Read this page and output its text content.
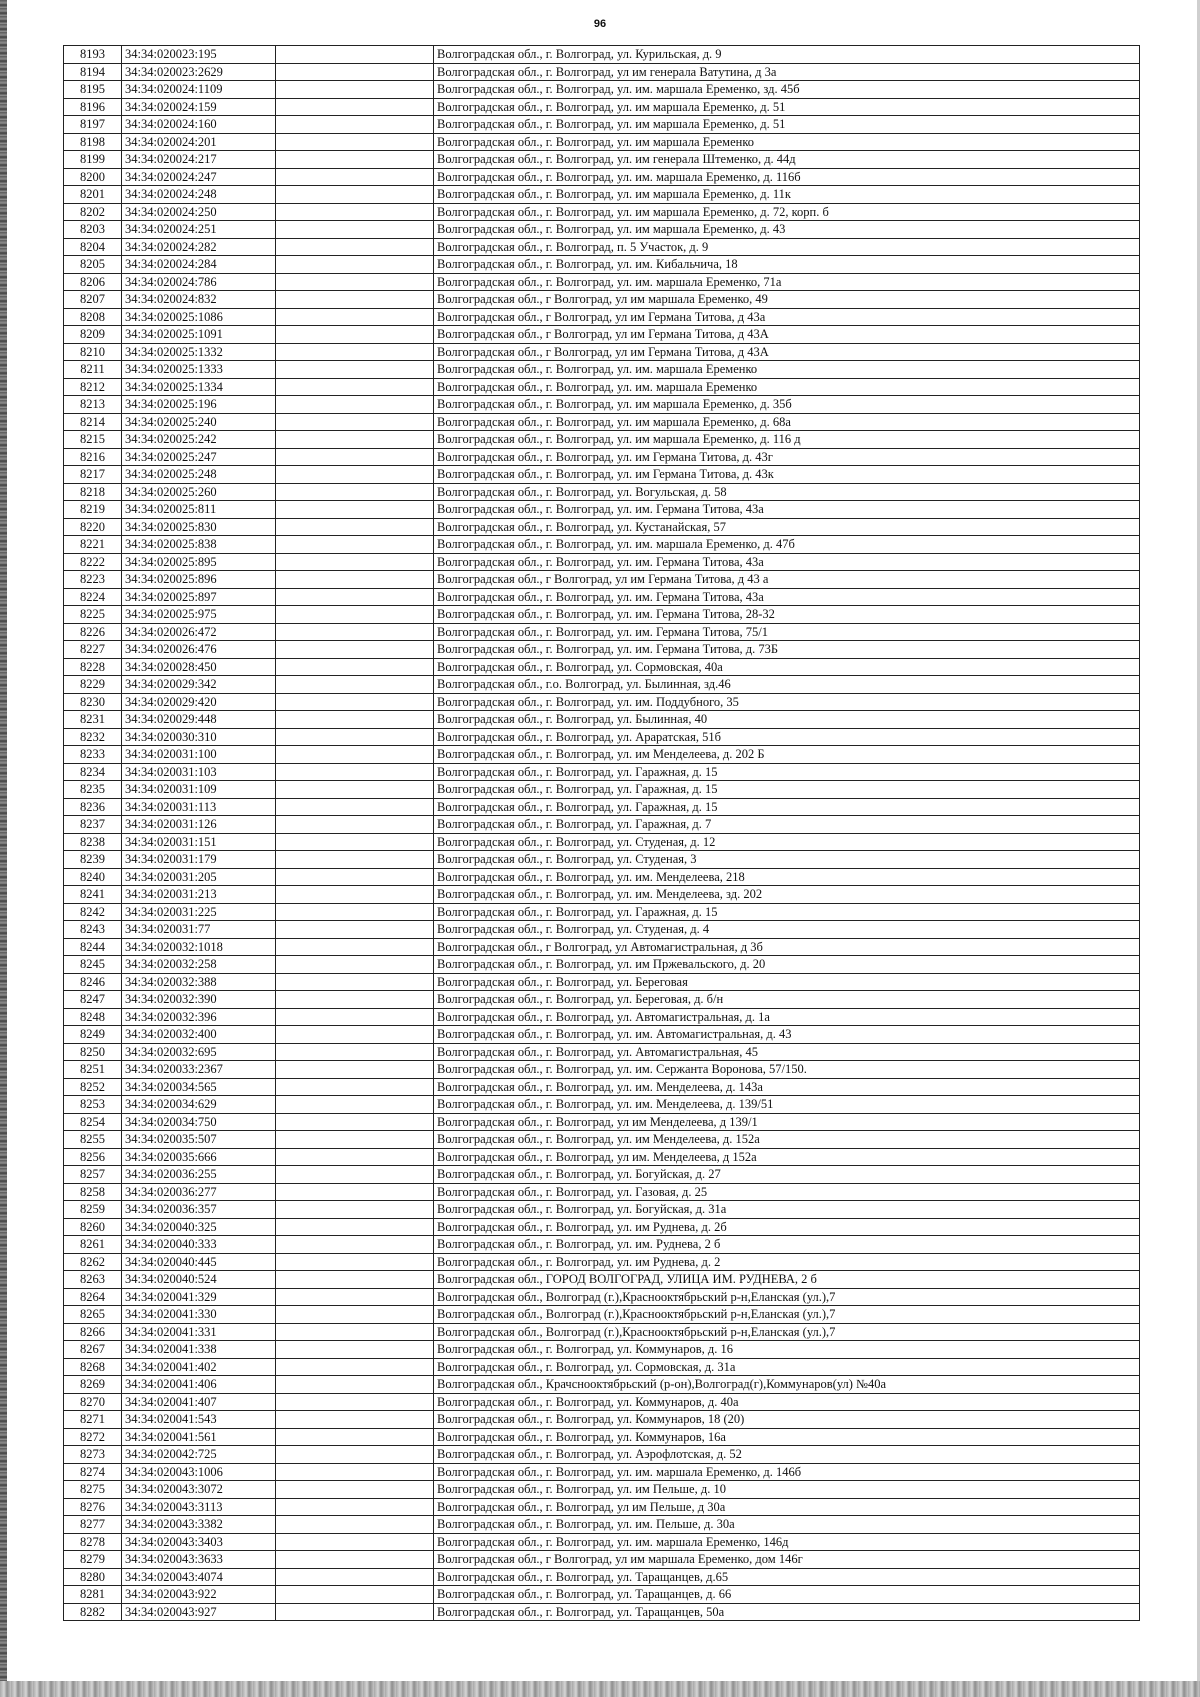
96
8193	34:34:020023:195		Волгоградская обл., г. Волгоград, ул. Курильская, д. 9
8194	34:34:020023:2629		Волгоградская обл., г. Волгоград, ул им генерала Ватутина, д 3а
8195	34:34:020024:1109		Волгоградская обл., г. Волгоград, ул. им. маршала Еременко, зд. 45б
8196	34:34:020024:159		Волгоградская обл., г. Волгоград, ул. им маршала Еременко, д. 51
8197	34:34:020024:160		Волгоградская обл., г. Волгоград, ул. им маршала Еременко, д. 51
8198	34:34:020024:201		Волгоградская обл., г. Волгоград, ул. им маршала Еременко
8199	34:34:020024:217		Волгоградская обл., г. Волгоград, ул. им генерала Штеменко, д. 44д
8200	34:34:020024:247		Волгоградская обл., г. Волгоград, ул. им. маршала Еременко, д. 116б
8201	34:34:020024:248		Волгоградская обл., г. Волгоград, ул. им маршала Еременко, д. 11к
8202	34:34:020024:250		Волгоградская обл., г. Волгоград, ул. им маршала Еременко, д. 72, корп. б
8203	34:34:020024:251		Волгоградская обл., г. Волгоград, ул. им маршала Еременко, д. 43
8204	34:34:020024:282		Волгоградская обл., г. Волгоград, п. 5 Участок, д. 9
8205	34:34:020024:284		Волгоградская обл., г. Волгоград, ул. им. Кибальчича, 18
8206	34:34:020024:786		Волгоградская обл., г. Волгоград, ул. им. маршала Еременко, 71а
8207	34:34:020024:832		Волгоградская обл., г Волгоград, ул им маршала Еременко, 49
8208	34:34:020025:1086		Волгоградская обл., г Волгоград, ул им Германа Титова, д 43а
8209	34:34:020025:1091		Волгоградская обл., г Волгоград, ул им Германа Титова, д 43А
8210	34:34:020025:1332		Волгоградская обл., г Волгоград, ул им Германа Титова, д 43А
8211	34:34:020025:1333		Волгоградская обл., г. Волгоград, ул. им. маршала Еременко
8212	34:34:020025:1334		Волгоградская обл., г. Волгоград, ул. им. маршала Еременко
8213	34:34:020025:196		Волгоградская обл., г. Волгоград, ул. им маршала Еременко, д. 35б
8214	34:34:020025:240		Волгоградская обл., г. Волгоград, ул. им маршала Еременко, д. 68а
8215	34:34:020025:242		Волгоградская обл., г. Волгоград, ул. им маршала Еременко, д. 116 д
8216	34:34:020025:247		Волгоградская обл., г. Волгоград, ул. им Германа Титова, д. 43г
8217	34:34:020025:248		Волгоградская обл., г. Волгоград, ул. им Германа Титова, д. 43к
8218	34:34:020025:260		Волгоградская обл., г. Волгоград, ул. Вогульская, д. 58
8219	34:34:020025:811		Волгоградская обл., г. Волгоград, ул. им. Германа Титова, 43а
8220	34:34:020025:830		Волгоградская обл., г. Волгоград, ул. Кустанайская, 57
8221	34:34:020025:838		Волгоградская обл., г. Волгоград, ул. им. маршала Еременко, д. 47б
8222	34:34:020025:895		Волгоградская обл., г. Волгоград, ул. им. Германа Титова, 43а
8223	34:34:020025:896		Волгоградская обл., г Волгоград, ул им Германа Титова, д 43 а
8224	34:34:020025:897		Волгоградская обл., г. Волгоград, ул. им. Германа Титова, 43а
8225	34:34:020025:975		Волгоградская обл., г. Волгоград, ул. им. Германа Титова, 28-32
8226	34:34:020026:472		Волгоградская обл., г. Волгоград, ул. им. Германа Титова, 75/1
8227	34:34:020026:476		Волгоградская обл., г. Волгоград, ул. им. Германа Титова, д. 73Б
8228	34:34:020028:450		Волгоградская обл., г. Волгоград, ул. Сормовская, 40а
8229	34:34:020029:342		Волгоградская обл., г.о. Волгоград, ул. Былинная, зд.46
8230	34:34:020029:420		Волгоградская обл., г. Волгоград, ул. им. Поддубного, 35
8231	34:34:020029:448		Волгоградская обл., г. Волгоград, ул. Былинная, 40
8232	34:34:020030:310		Волгоградская обл., г. Волгоград, ул. Араратская, 51б
8233	34:34:020031:100		Волгоградская обл., г. Волгоград, ул. им Менделеева, д. 202 Б
8234	34:34:020031:103		Волгоградская обл., г. Волгоград, ул. Гаражная, д. 15
8235	34:34:020031:109		Волгоградская обл., г. Волгоград, ул. Гаражная, д. 15
8236	34:34:020031:113		Волгоградская обл., г. Волгоград, ул. Гаражная, д. 15
8237	34:34:020031:126		Волгоградская обл., г. Волгоград, ул. Гаражная, д. 7
8238	34:34:020031:151		Волгоградская обл., г. Волгоград, ул. Студеная, д. 12
8239	34:34:020031:179		Волгоградская обл., г. Волгоград, ул. Студеная, 3
8240	34:34:020031:205		Волгоградская обл., г. Волгоград, ул. им. Менделеева, 218
8241	34:34:020031:213		Волгоградская обл., г. Волгоград, ул. им. Менделеева, зд. 202
8242	34:34:020031:225		Волгоградская обл., г. Волгоград, ул. Гаражная, д. 15
8243	34:34:020031:77		Волгоградская обл., г. Волгоград, ул. Студеная, д. 4
8244	34:34:020032:1018		Волгоградская обл., г Волгоград, ул Автомагистральная, д 3б
8245	34:34:020032:258		Волгоградская обл., г. Волгоград, ул. им Пржевальского, д. 20
8246	34:34:020032:388		Волгоградская обл., г. Волгоград, ул. Береговая
8247	34:34:020032:390		Волгоградская обл., г. Волгоград, ул. Береговая, д. б/н
8248	34:34:020032:396		Волгоградская обл., г. Волгоград, ул. Автомагистральная, д. 1а
8249	34:34:020032:400		Волгоградская обл., г. Волгоград, ул. им. Автомагистральная, д. 43
8250	34:34:020032:695		Волгоградская обл., г. Волгоград, ул. Автомагистральная, 45
8251	34:34:020033:2367		Волгоградская обл., г. Волгоград, ул. им. Сержанта Воронова, 57/150.
8252	34:34:020034:565		Волгоградская обл., г. Волгоград, ул. им. Менделеева, д. 143а
8253	34:34:020034:629		Волгоградская обл., г. Волгоград, ул. им. Менделеева, д. 139/51
8254	34:34:020034:750		Волгоградская обл., г. Волгоград, ул им Менделеева, д 139/1
8255	34:34:020035:507		Волгоградская обл., г. Волгоград, ул. им Менделеева, д. 152а
8256	34:34:020035:666		Волгоградская обл., г. Волгоград, ул им. Менделеева, д 152а
8257	34:34:020036:255		Волгоградская обл., г. Волгоград, ул. Богуйская, д. 27
8258	34:34:020036:277		Волгоградская обл., г. Волгоград, ул. Газовая, д. 25
8259	34:34:020036:357		Волгоградская обл., г. Волгоград, ул. Богуйская, д. 31а
8260	34:34:020040:325		Волгоградская обл., г. Волгоград, ул. им Руднева, д. 2б
8261	34:34:020040:333		Волгоградская обл., г. Волгоград, ул. им. Руднева, 2 б
8262	34:34:020040:445		Волгоградская обл., г. Волгоград, ул. им Руднева, д. 2
8263	34:34:020040:524		Волгоградская обл., ГОРОД ВОЛГОГРАД, УЛИЦА ИМ. РУДНЕВА, 2 б
8264	34:34:020041:329		Волгоградская обл., Волгоград (г.),Краснооктябрьский р-н,Еланская (ул.),7
8265	34:34:020041:330		Волгоградская обл., Волгоград (г.),Краснооктябрьский р-н,Еланская (ул.),7
8266	34:34:020041:331		Волгоградская обл., Волгоград (г.),Краснооктябрьский р-н,Еланская (ул.),7
8267	34:34:020041:338		Волгоградская обл., г. Волгоград, ул. Коммунаров, д. 16
8268	34:34:020041:402		Волгоградская обл., г. Волгоград, ул. Сормовская, д. 31а
8269	34:34:020041:406		Волгоградская обл., Крачснооктябрьский (р-он),Волгоград(г),Коммунаров(ул) №40а
8270	34:34:020041:407		Волгоградская обл., г. Волгоград, ул. Коммунаров, д. 40а
8271	34:34:020041:543		Волгоградская обл., г. Волгоград, ул. Коммунаров, 18 (20)
8272	34:34:020041:561		Волгоградская обл., г. Волгоград, ул. Коммунаров, 16а
8273	34:34:020042:725		Волгоградская обл., г. Волгоград, ул. Аэрофлотская, д. 52
8274	34:34:020043:1006		Волгоградская обл., г. Волгоград, ул. им. маршала Еременко, д. 146б
8275	34:34:020043:3072		Волгоградская обл., г. Волгоград, ул. им Пельше, д. 10
8276	34:34:020043:3113		Волгоградская обл., г. Волгоград, ул им Пельше, д 30а
8277	34:34:020043:3382		Волгоградская обл., г. Волгоград, ул. им. Пельше, д. 30а
8278	34:34:020043:3403		Волгоградская обл., г. Волгоград, ул. им. маршала Еременко, 146д
8279	34:34:020043:3633		Волгоградская обл., г Волгоград, ул им маршала Еременко, дом 146г
8280	34:34:020043:4074		Волгоградская обл., г. Волгоград, ул. Таращанцев, д.65
8281	34:34:020043:922		Волгоградская обл., г. Волгоград, ул. Таращанцев, д. 66
8282	34:34:020043:927		Волгоградская обл., г. Волгоград, ул. Таращанцев, 50а
